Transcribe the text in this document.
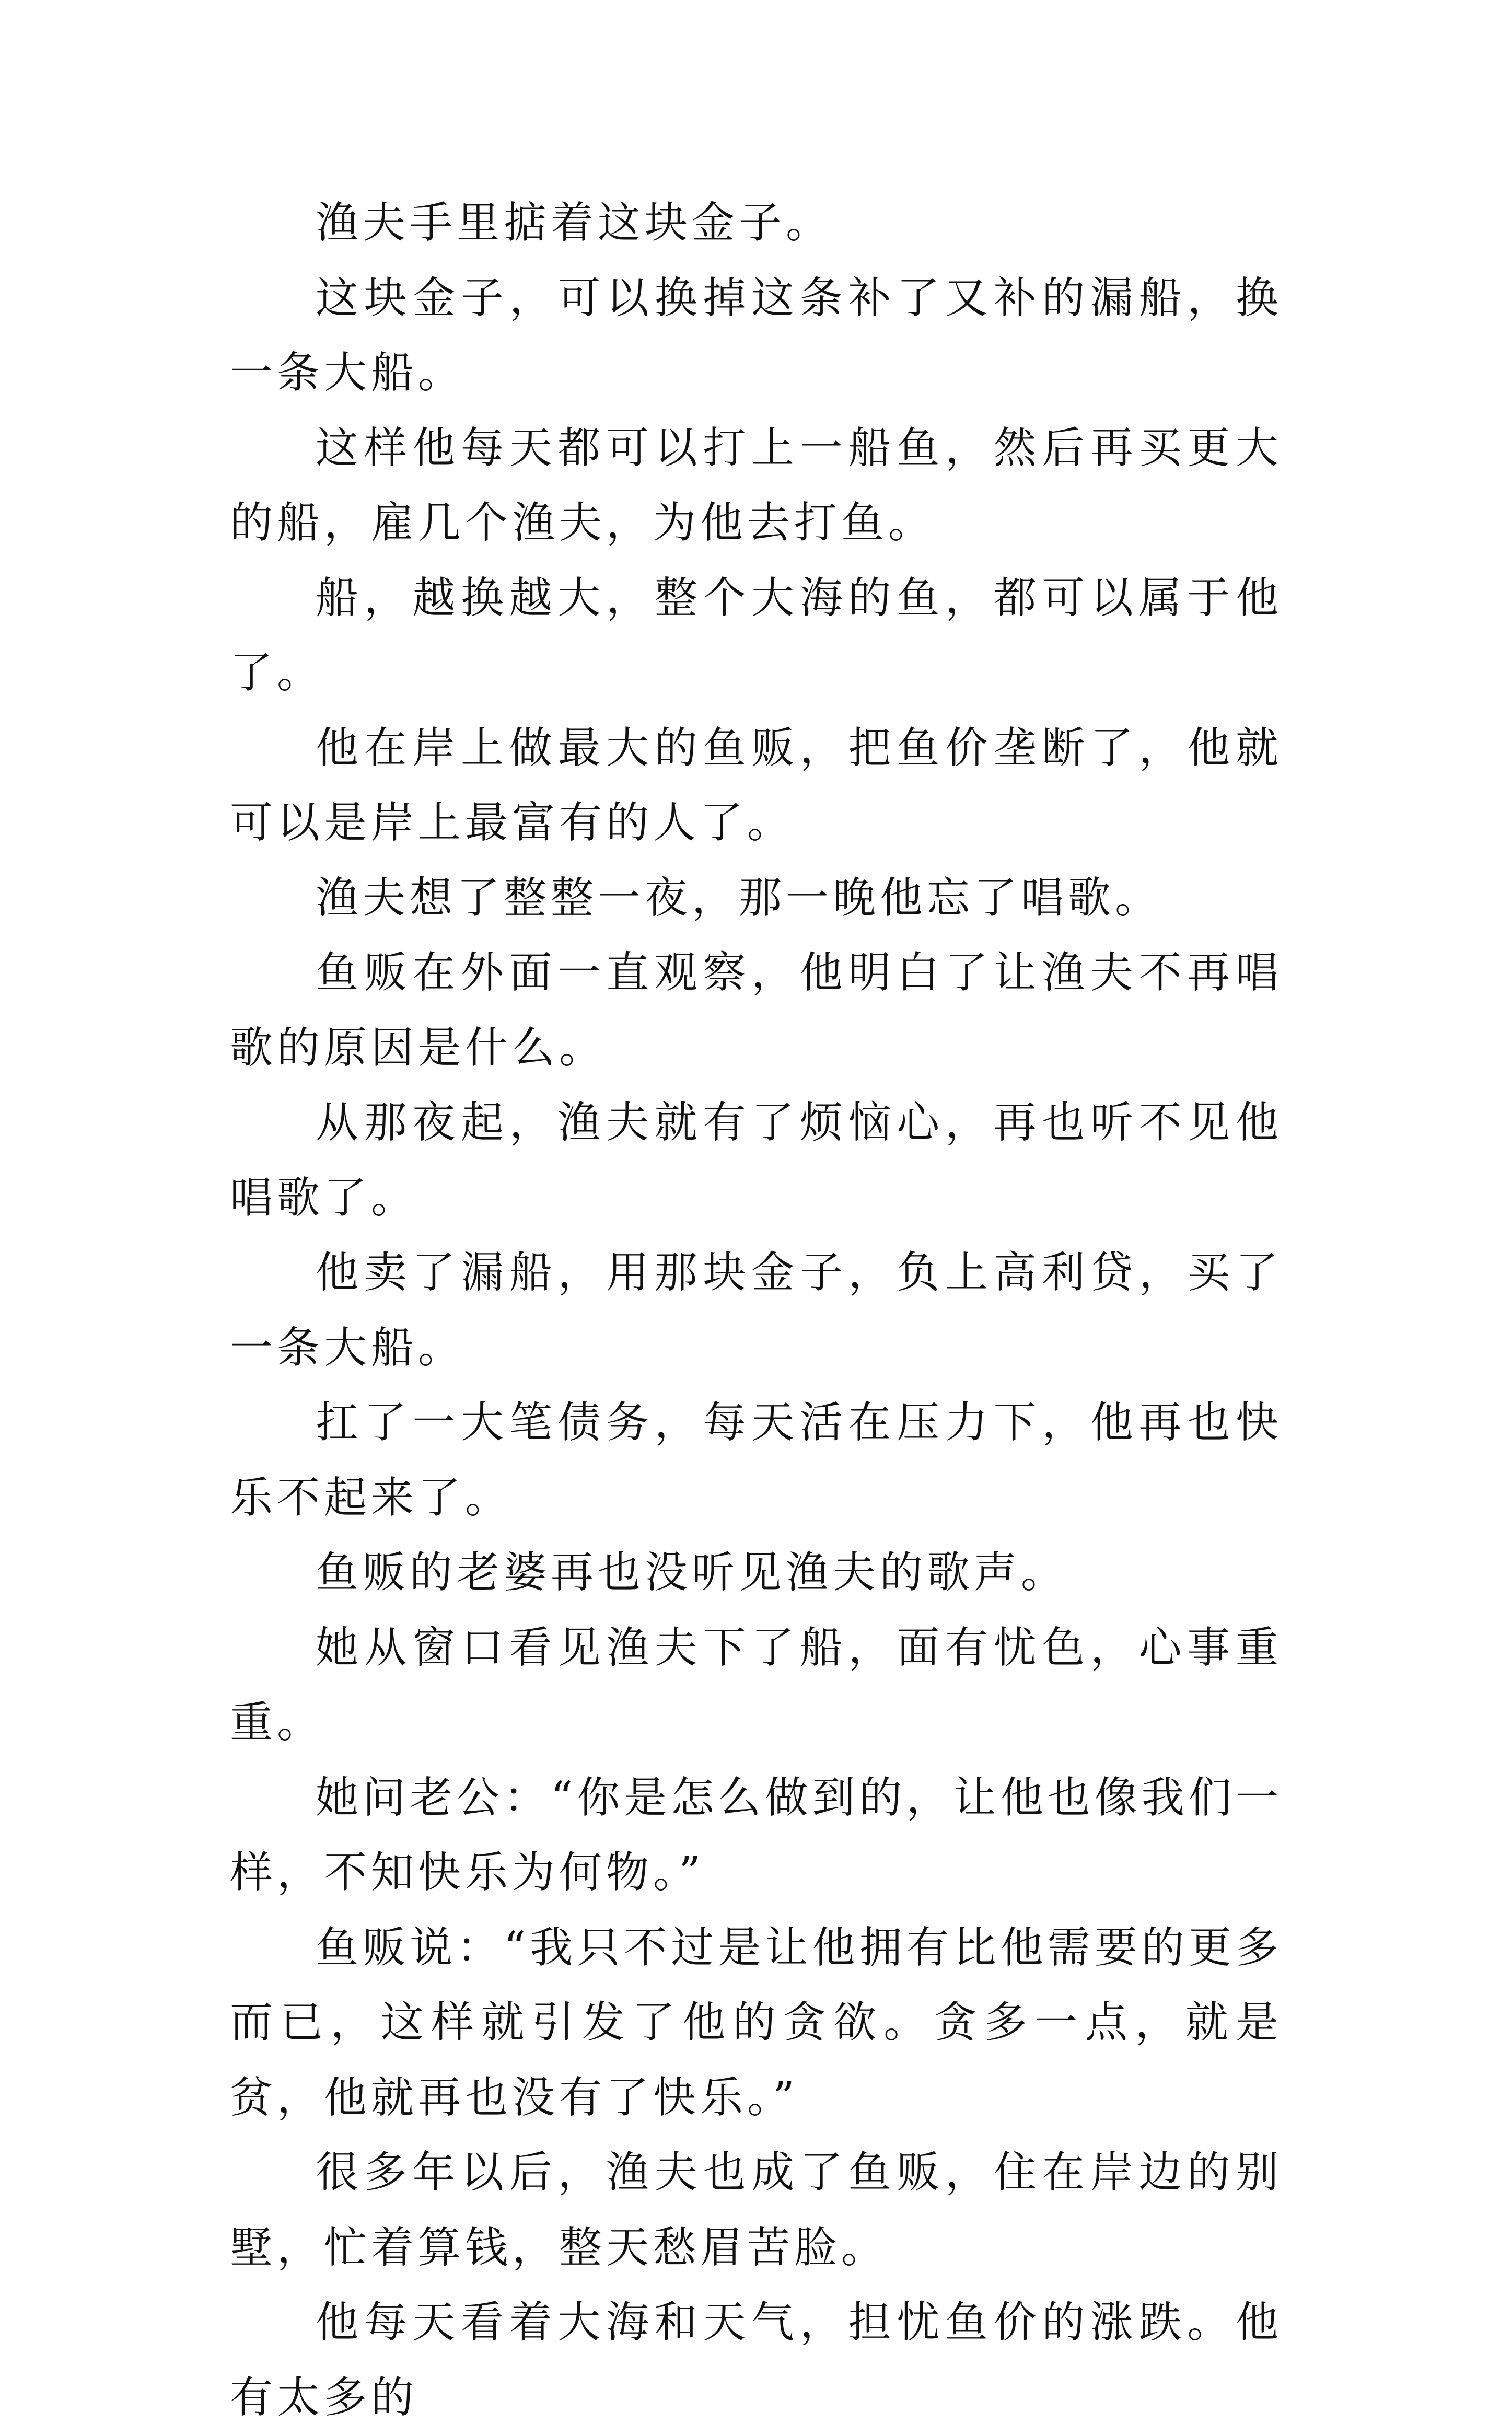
渔夫手里掂着这块金子。

这块金子，可以换掉这条补了又补的漏船，换一条大船。

这样他每天都可以打上一船鱼，然后再买更大的船，雇几个渔夫，为他去打鱼。

船，越换越大，整个大海的鱼，都可以属于他了。

他在岸上做最大的鱼贩，把鱼价垄断了，他就可以是岸上最富有的人了。

渔夫想了整整一夜，那一晚他忘了唱歌。

鱼贩在外面一直观察，他明白了让渔夫不再唱歌的原因是什么。

从那夜起，渔夫就有了烦恼心，再也听不见他唱歌了。

他卖了漏船，用那块金子，负上高利贷，买了一条大船。

扛了一大笔债务，每天活在压力下，他再也快乐不起来了。

鱼贩的老婆再也没听见渔夫的歌声。

她从窗口看见渔夫下了船，面有忧色，心事重重。

她问老公：“你是怎么做到的，让他也像我们一样，不知快乐为何物。”

鱼贩说：“我只不过是让他拥有比他需要的更多而已，这样就引发了他的贪欲。贪多一点，就是贫，他就再也没有了快乐。”

很多年以后，渔夫也成了鱼贩，住在岸边的别墅，忙着算钱，整天愁眉苦脸。

他每天看着大海和天气，担忧鱼价的涨跌。他有太多的
